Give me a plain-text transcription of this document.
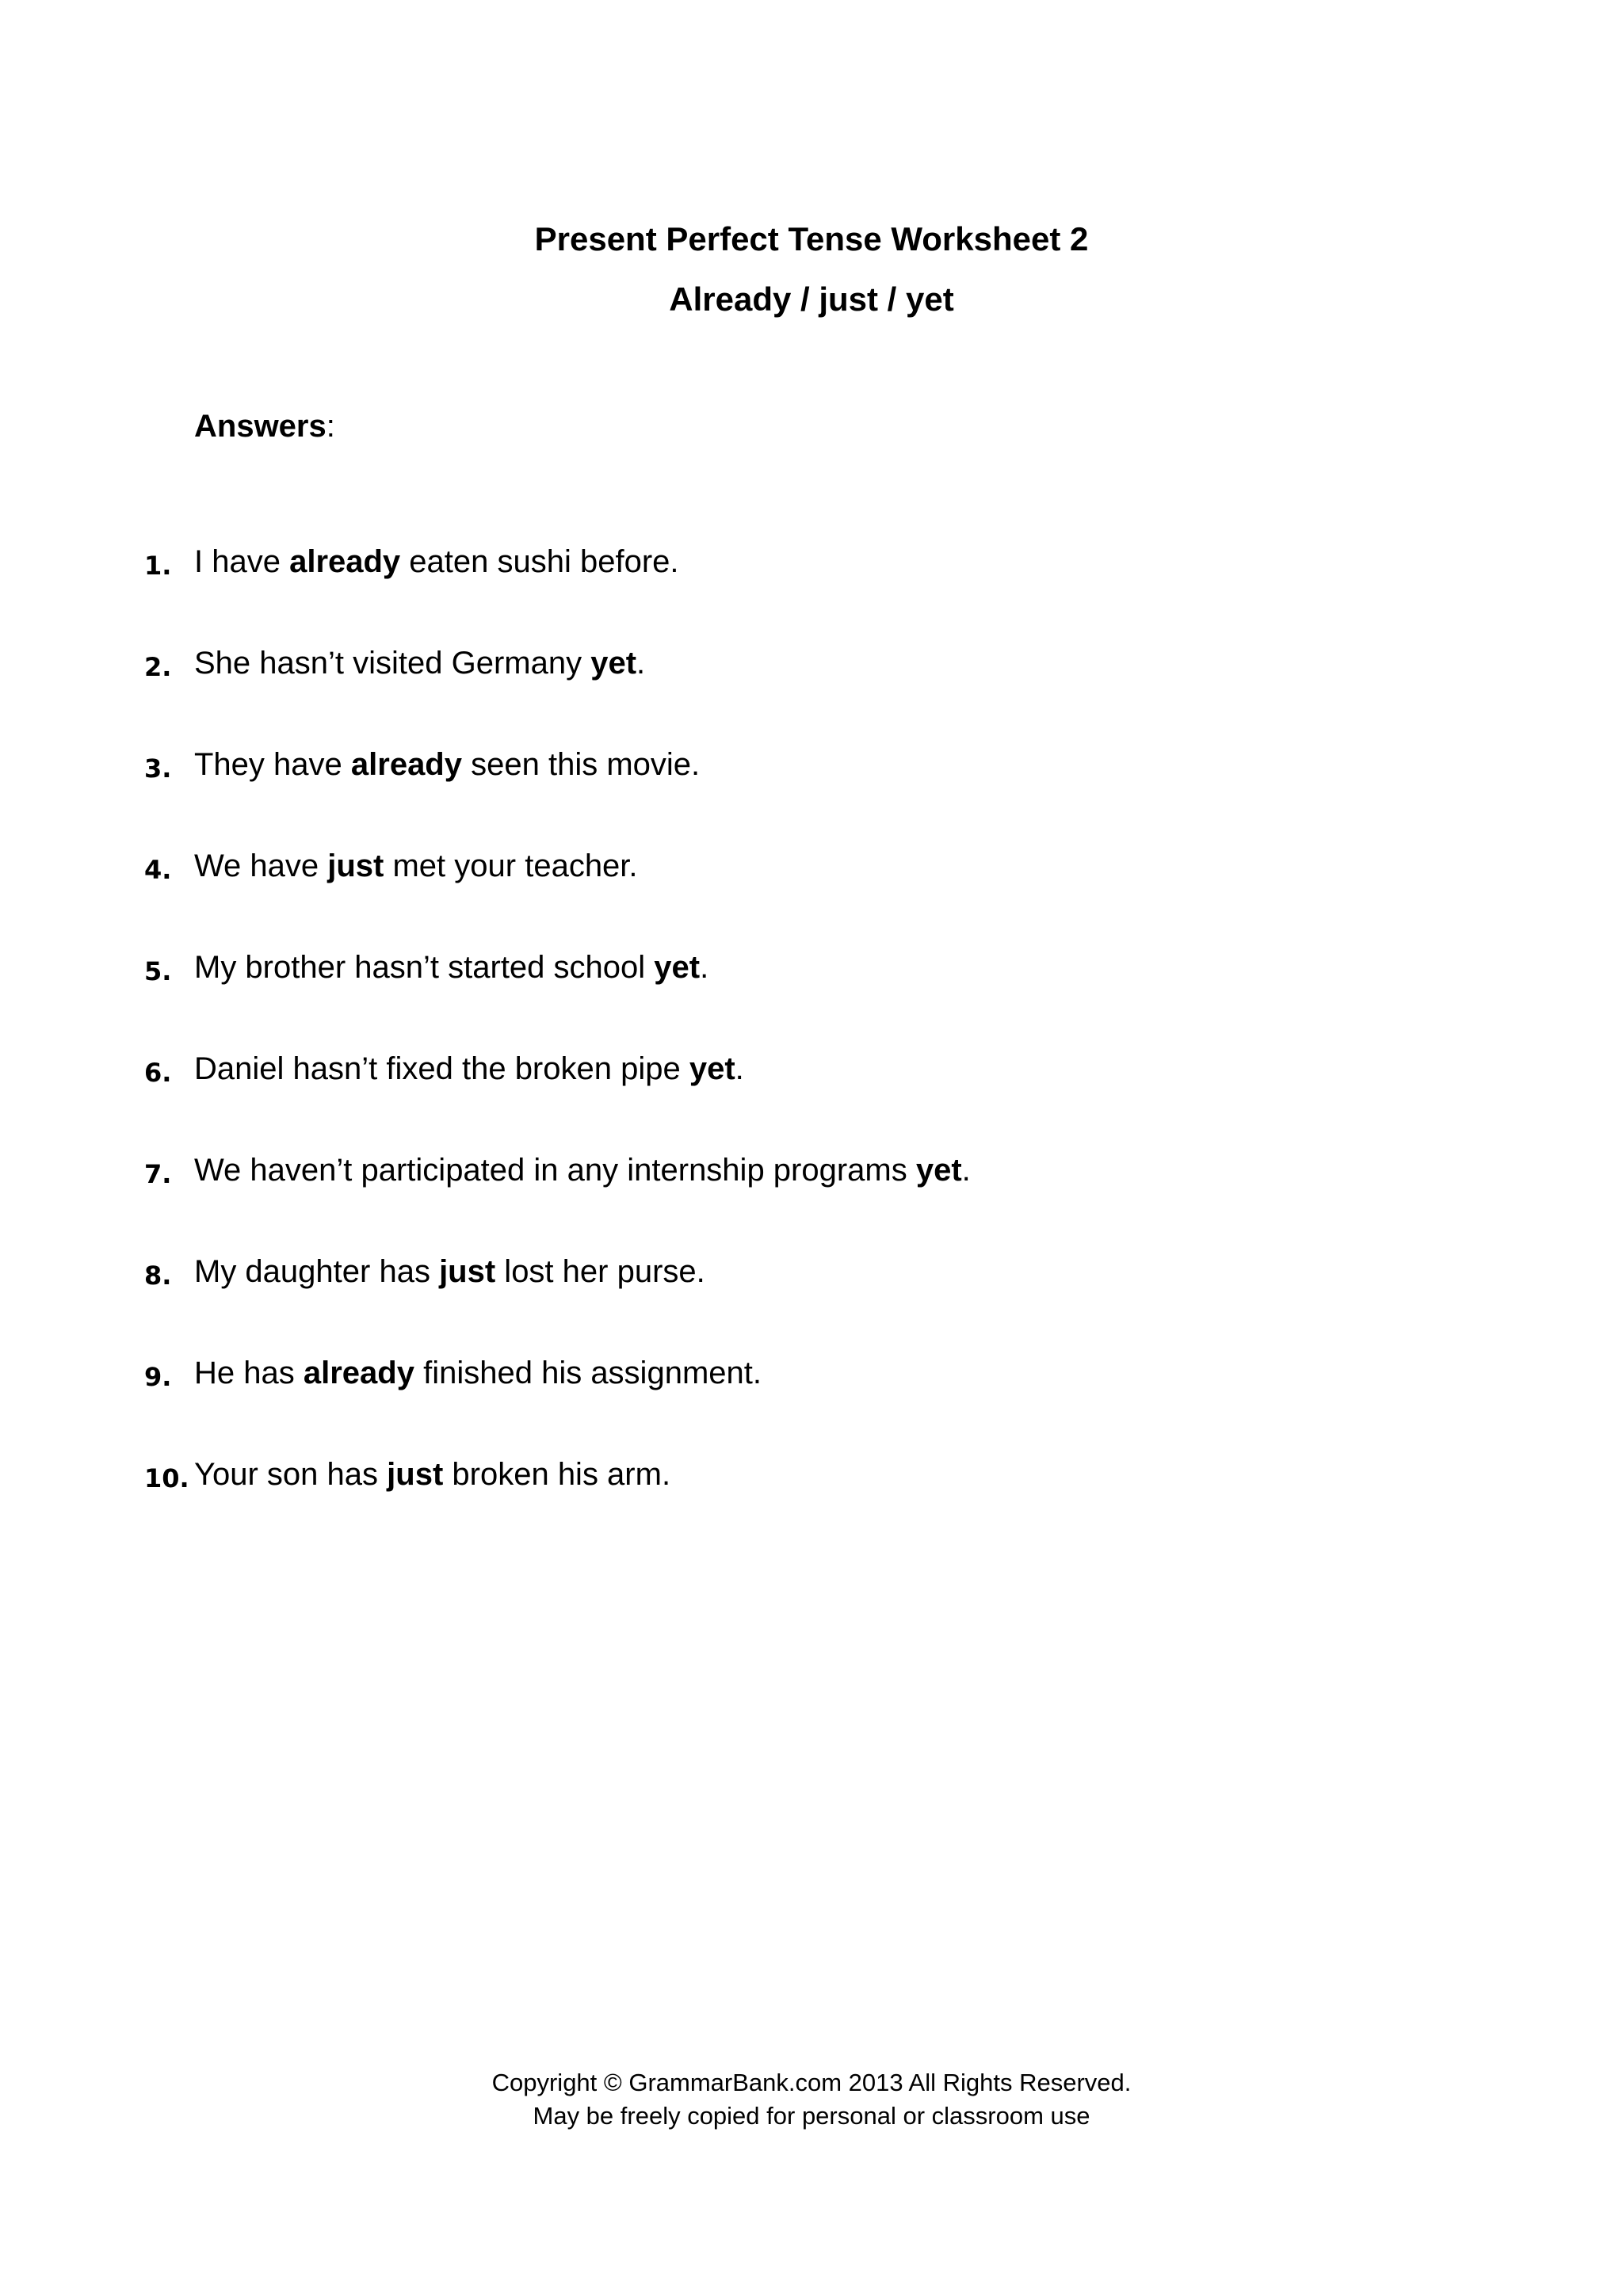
Present Perfect Tense Worksheet 2
Already / just / yet
Answers:
1. I have already eaten sushi before.
2. She hasn’t visited Germany yet.
3. They have already seen this movie.
4. We have just met your teacher.
5. My brother hasn’t started school yet.
6. Daniel hasn’t fixed the broken pipe yet.
7. We haven’t participated in any internship programs yet.
8. My daughter has just lost her purse.
9. He has already finished his assignment.
10. Your son has just broken his arm.
Copyright © GrammarBank.com 2013 All Rights Reserved.
May be freely copied for personal or classroom use
